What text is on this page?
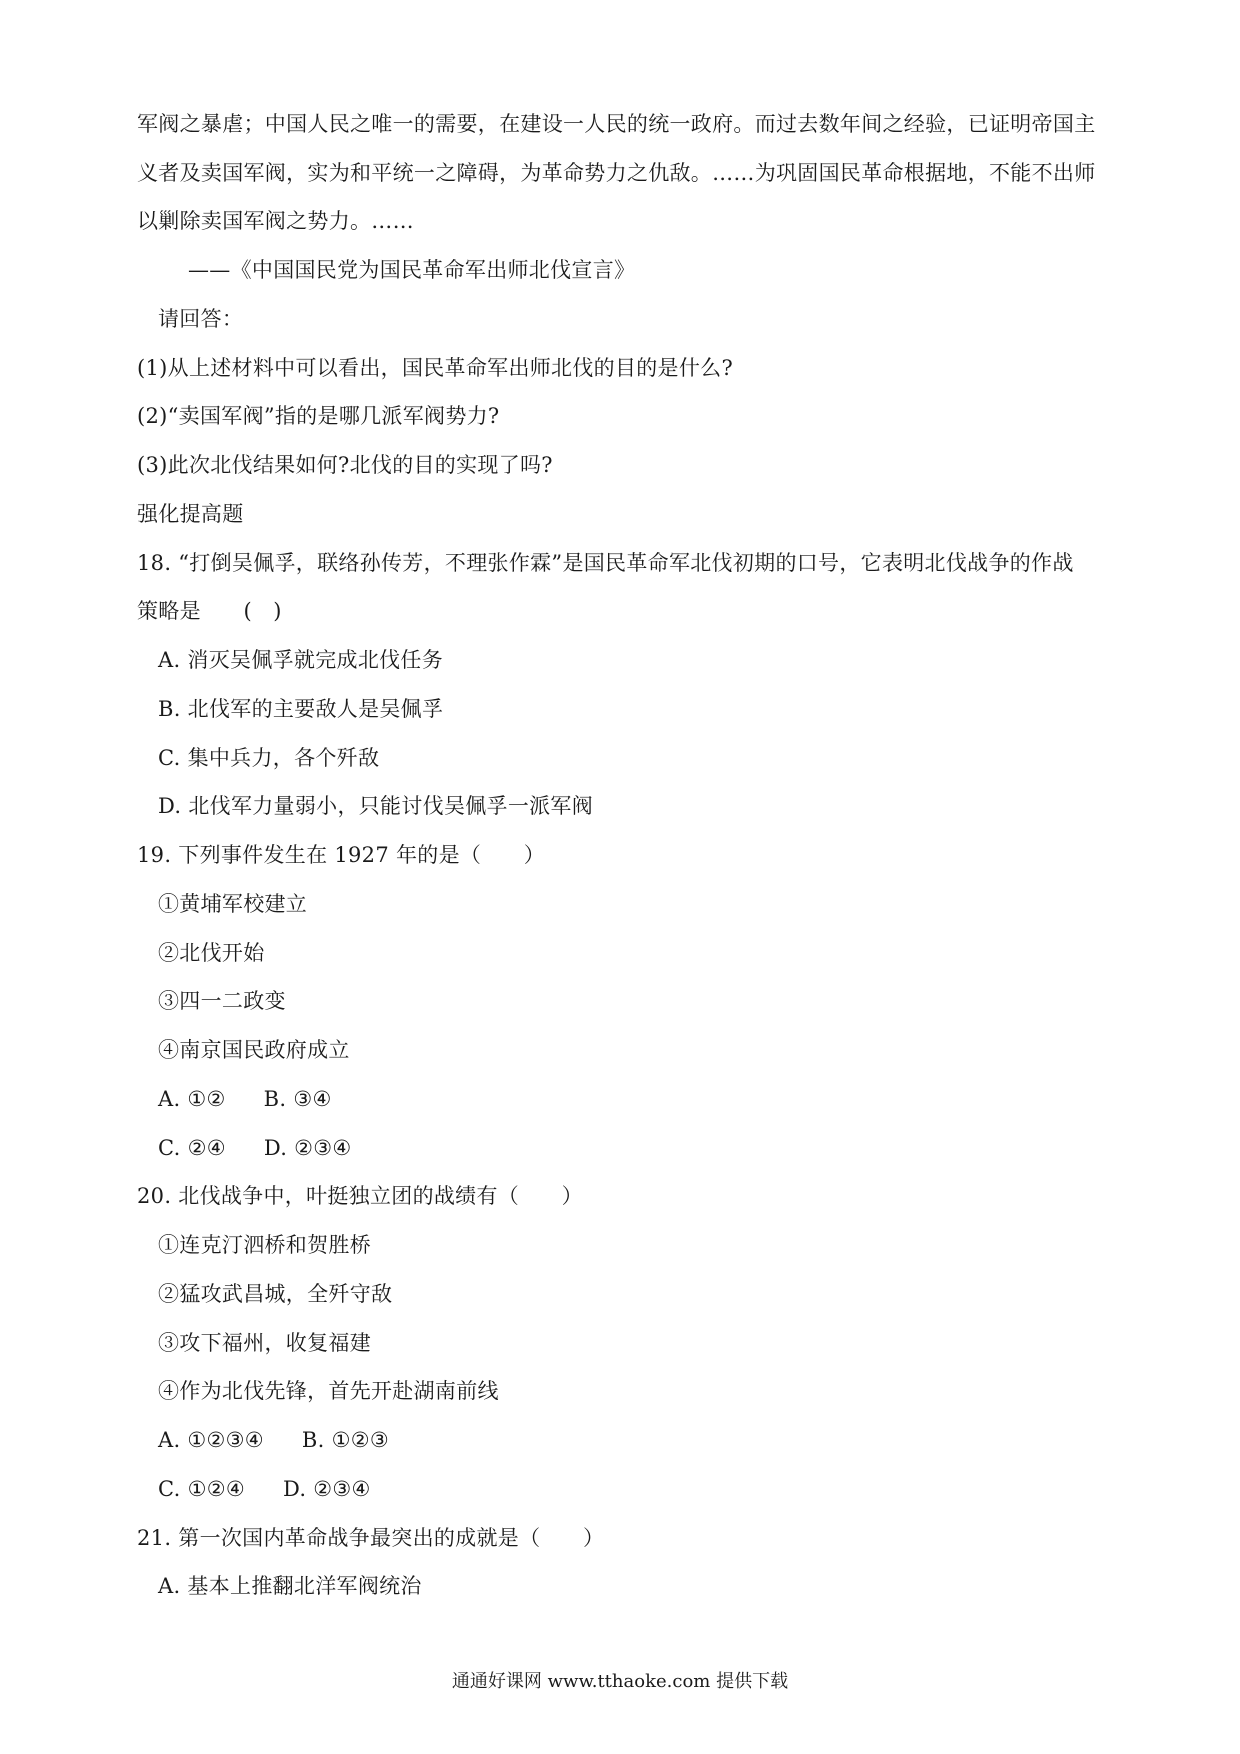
军阀之暴虐；中国人民之唯一的需要，在建设一人民的统一政府。而过去数年间之经验，已证明帝国主
义者及卖国军阀，实为和平统一之障碍，为革命势力之仇敌。……为巩固国民革命根据地，不能不出师
以剿除卖国军阀之势力。……
——《中国国民党为国民革命军出师北伐宣言》
请回答：
(1)从上述材料中可以看出，国民革命军出师北伐的目的是什么?
(2)“卖国军阀”指的是哪几派军阀势力?
(3)此次北伐结果如何?北伐的目的实现了吗?
强化提高题
18. “打倒吴佩孚，联络孙传芳，不理张作霖”是国民革命军北伐初期的口号，它表明北伐战争的作战
策略是　　(　)
A. 消灭吴佩孚就完成北伐任务
B. 北伐军的主要敌人是吴佩孚
C. 集中兵力，各个歼敌
D. 北伐军力量弱小，只能讨伐吴佩孚一派军阀
19. 下列事件发生在 1927 年的是（　　）
①黄埔军校建立
②北伐开始
③四一二政变
④南京国民政府成立
A. ①② B. ③④
C. ②④ D. ②③④
20. 北伐战争中，叶挺独立团的战绩有（　　）
①连克汀泗桥和贺胜桥
②猛攻武昌城，全歼守敌
③攻下福州，收复福建
④作为北伐先锋，首先开赴湖南前线
A. ①②③④ B. ①②③
C. ①②④ D. ②③④
21. 第一次国内革命战争最突出的成就是（　　）
A. 基本上推翻北洋军阀统治
通通好课网 www.tthaoke.com 提供下载
